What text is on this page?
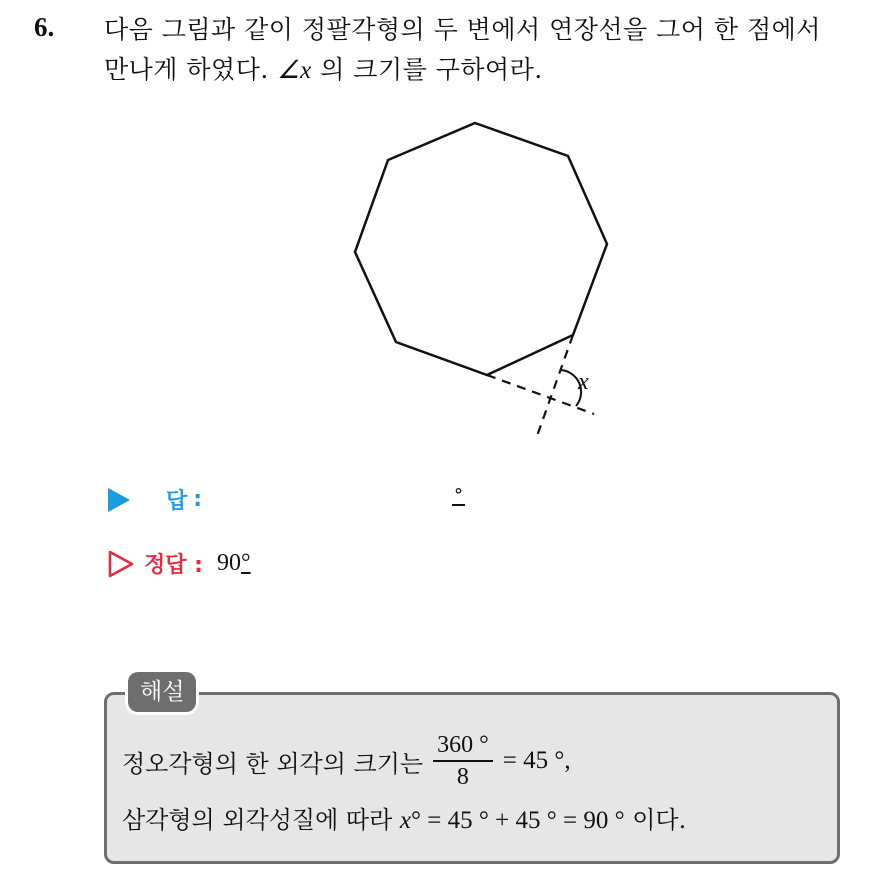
6. 다음 그림과 같이 정팔각형의 두 변에서 연장선을 그어 한 점에서
만나게 하였다. ∠x 의 크기를 구하여라.
x
답 :	°
정답 : 90°
해설
정오각형의 한 외각의 크기는 $\frac{360 ^\circ}{8} = 45$ °,
삼각형의 외각성질에 따라 x° = 45 ° + 45 ° = 90 ° 이다.
